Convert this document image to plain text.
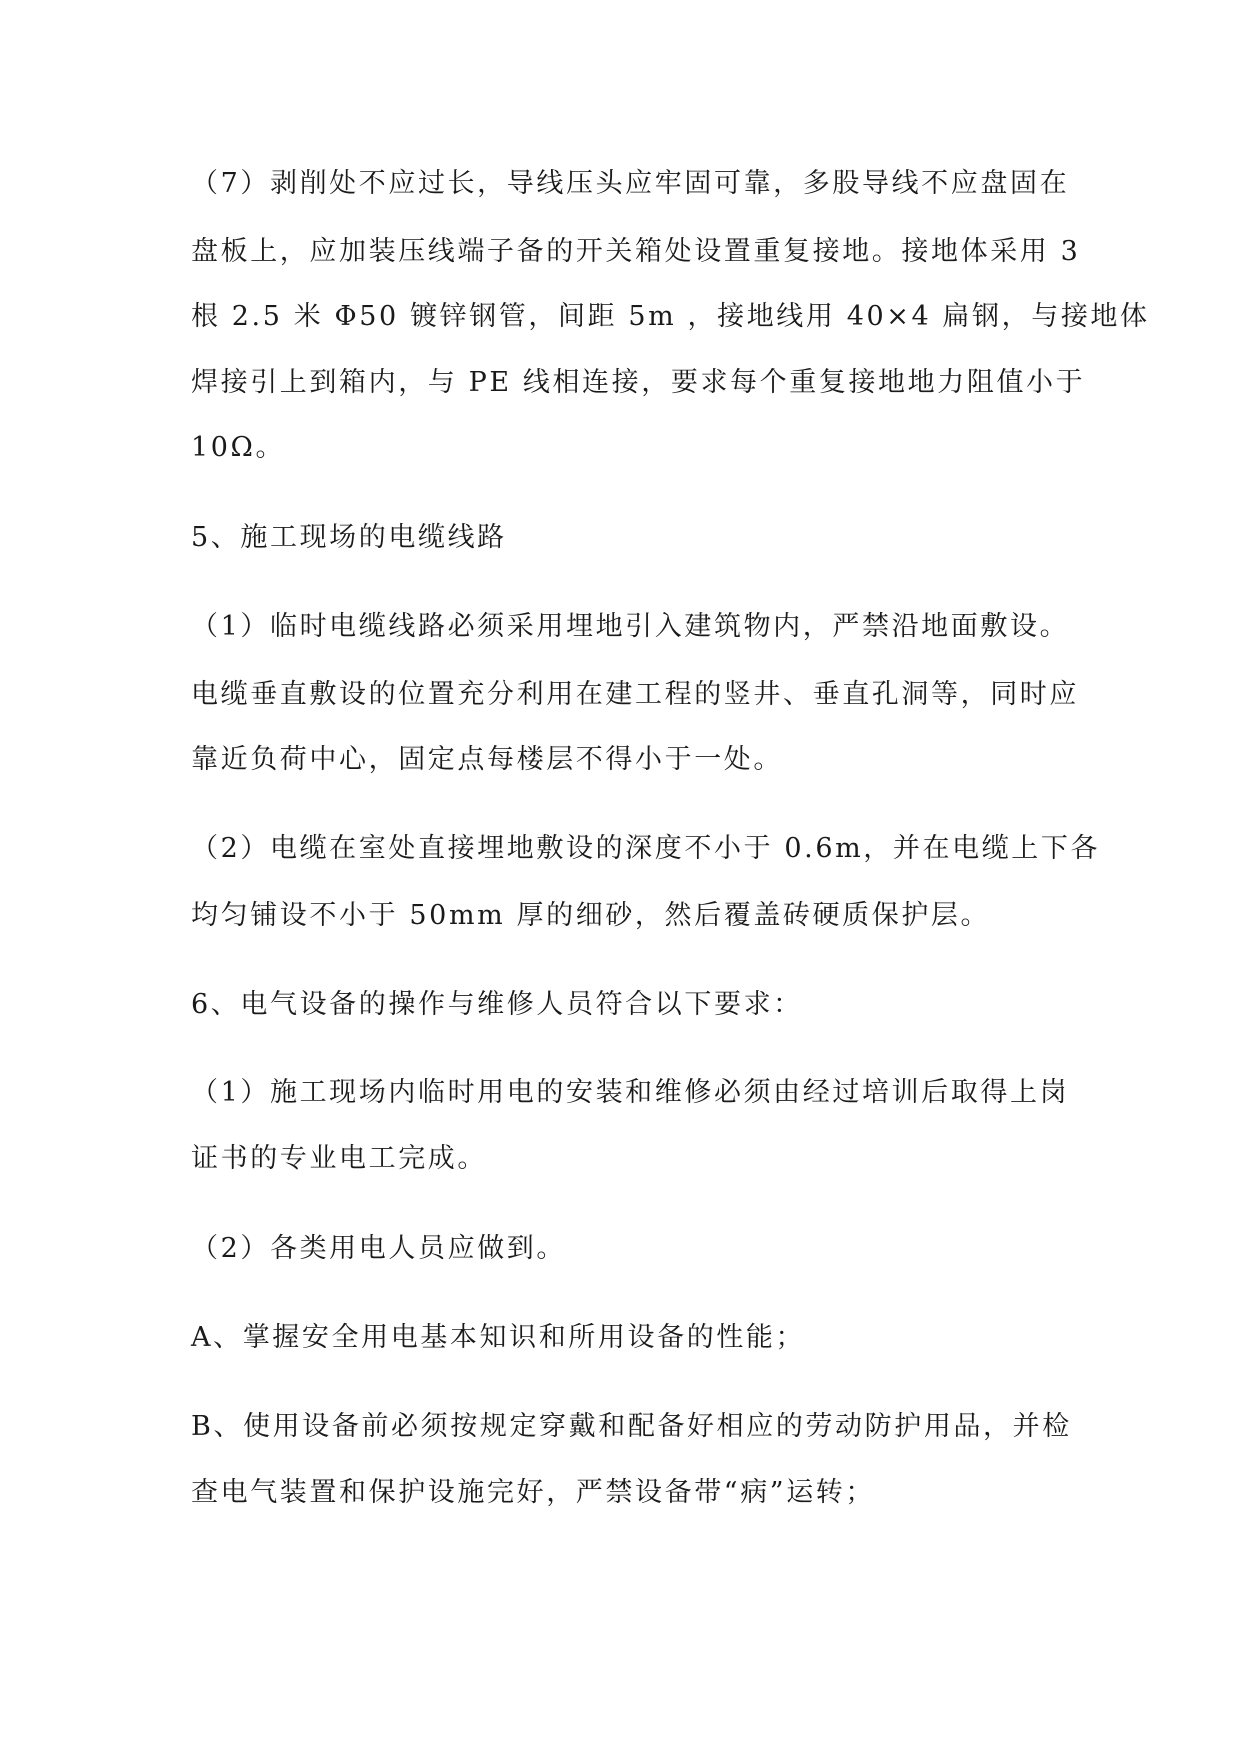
（7）剥削处不应过长，导线压头应牢固可靠，多股导线不应盘固在

盘板上，应加装压线端子备的开关箱处设置重复接地。接地体采用 3

根 2.5 米 Φ50 镀锌钢管，间距 5m ，接地线用 40×4 扁钢，与接地体

焊接引上到箱内，与 PE 线相连接，要求每个重复接地地力阻值小于

10Ω。

5、施工现场的电缆线路

（1）临时电缆线路必须采用埋地引入建筑物内，严禁沿地面敷设。

电缆垂直敷设的位置充分利用在建工程的竖井、垂直孔洞等，同时应

靠近负荷中心，固定点每楼层不得小于一处。

（2）电缆在室处直接埋地敷设的深度不小于 0.6m，并在电缆上下各

均匀铺设不小于 50mm 厚的细砂，然后覆盖砖硬质保护层。

6、电气设备的操作与维修人员符合以下要求：

（1）施工现场内临时用电的安装和维修必须由经过培训后取得上岗

证书的专业电工完成。

（2）各类用电人员应做到。

A、掌握安全用电基本知识和所用设备的性能；

B、使用设备前必须按规定穿戴和配备好相应的劳动防护用品，并检

查电气装置和保护设施完好，严禁设备带“病”运转；
